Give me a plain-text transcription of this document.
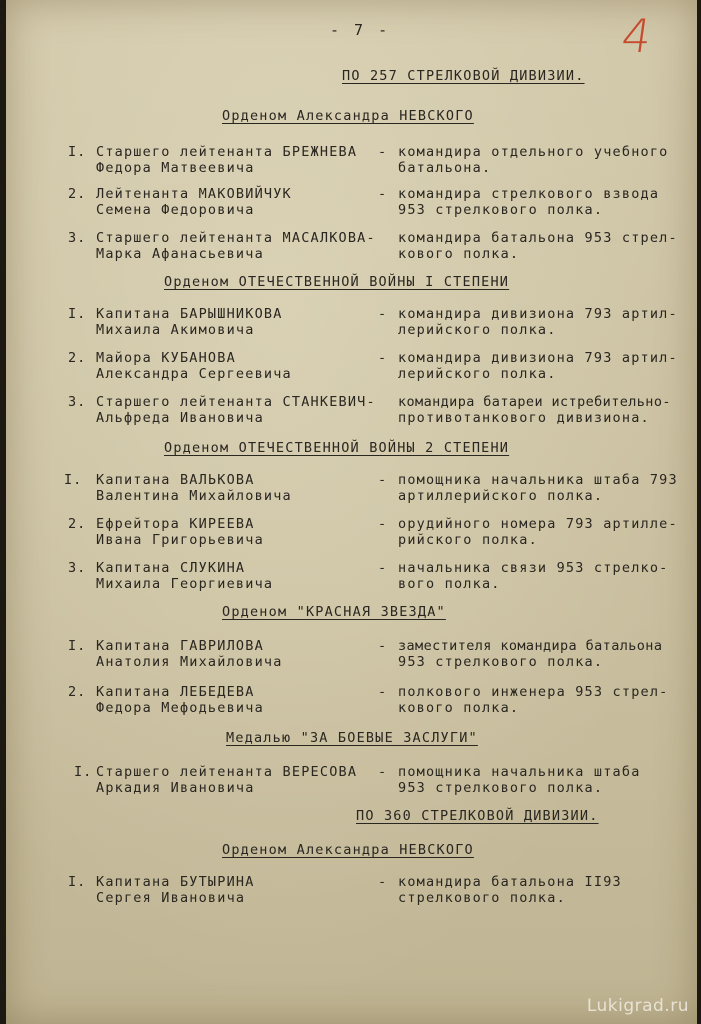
- 7 -	4
ПО 257 СТРЕЛКОВОЙ ДИВИЗИИ.
Орденом Александра НЕВСКОГО
I. Старшего лейтенанта БРЕЖНЕВА
Федора Матвеевича
- командира отдельного учебного
батальона.
2. Лейтенанта МАКОВИЙЧУК
Семена Федоровича
- командира стрелкового взвода
953 стрелкового полка.
3. Старшего лейтенанта МАСАЛКОВА-
Марка Афанасьевича
командира батальона 953 стрел-
кового полка.
Орденом ОТЕЧЕСТВЕННОЙ ВОЙНЫ I СТЕПЕНИ
I. Капитана БАРЫШНИКОВА
Михаила Акимовича
- командира дивизиона 793 артил-
лерийского полка.
2. Майора КУБАНОВА
Александра Сергеевича
- командира дивизиона 793 артил-
лерийского полка.
3. Старшего лейтенанта СТАНКЕВИЧ-
Альфреда Ивановича
командира батареи истребительно-
противотанкового дивизиона.
Орденом ОТЕЧЕСТВЕННОЙ ВОЙНЫ 2 СТЕПЕНИ
I. Капитана ВАЛЬКОВА
Валентина Михайловича
- помощника начальника штаба 793
артиллерийского полка.
2. Ефрейтора КИРЕЕВА
Ивана Григорьевича
- орудийного номера 793 артилле-
рийского полка.
3. Капитана СЛУКИНА
Михаила Георгиевича
- начальника связи 953 стрелко-
вого полка.
Орденом "КРАСНАЯ ЗВЕЗДА"
I. Капитана ГАВРИЛОВА
Анатолия Михайловича
- заместителя командира батальона
953 стрелкового полка.
2. Капитана ЛЕБЕДЕВА
Федора Мефодьевича
- полкового инженера 953 стрел-
кового полка.
Медалью "ЗА БОЕВЫЕ ЗАСЛУГИ"
I. Старшего лейтенанта ВЕРЕСОВА
Аркадия Ивановича
- помощника начальника штаба
953 стрелкового полка.
ПО 360 СТРЕЛКОВОЙ ДИВИЗИИ.
Орденом Александра НЕВСКОГО
I. Капитана БУТЫРИНА
Сергея Ивановича
- командира батальона II93
стрелкового полка.
Lukigrad.ru
